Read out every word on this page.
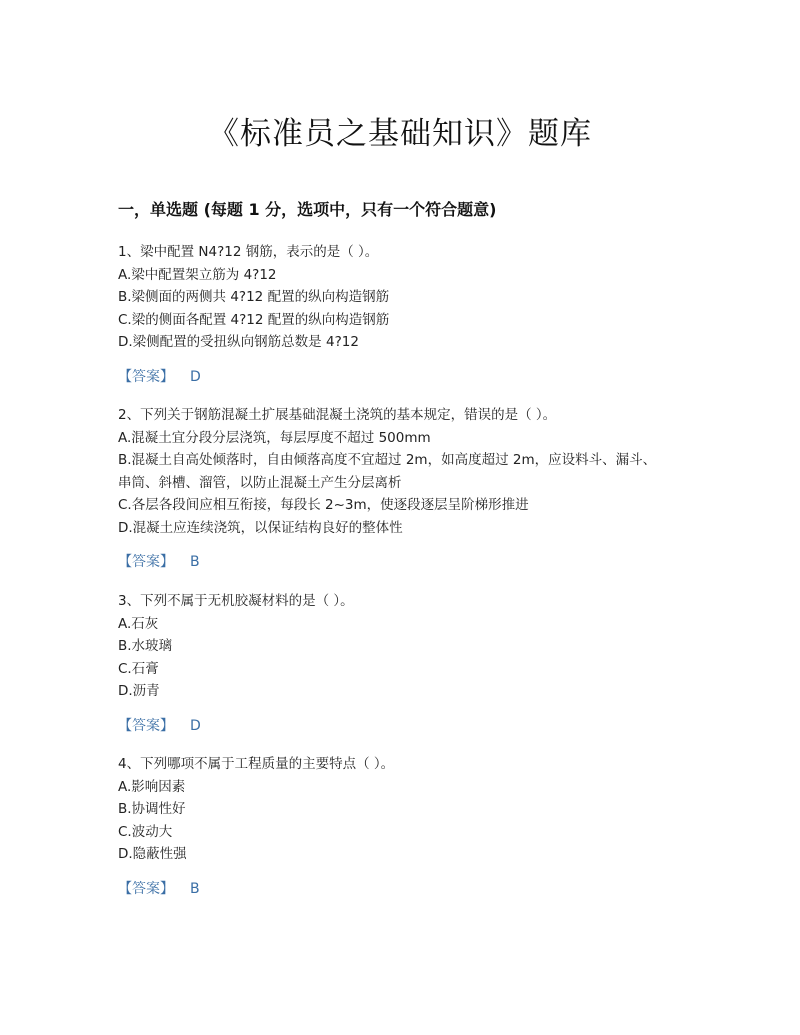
《标准员之基础知识》题库
一，单选题 (每题 1 分，选项中，只有一个符合题意)
1、梁中配置 N4?12 钢筋，表示的是（ ）。
A.梁中配置架立筋为 4?12
B.梁侧面的两侧共 4?12 配置的纵向构造钢筋
C.梁的侧面各配置 4?12 配置的纵向构造钢筋
D.梁侧配置的受扭纵向钢筋总数是 4?12
【答案】 D
2、下列关于钢筋混凝土扩展基础混凝土浇筑的基本规定，错误的是（ ）。
A.混凝土宜分段分层浇筑，每层厚度不超过 500mm
B.混凝土自高处倾落时，自由倾落高度不宜超过 2m，如高度超过 2m，应设料斗、漏斗、
串筒、斜槽、溜管，以防止混凝土产生分层离析
C.各层各段间应相互衔接，每段长 2~3m，使逐段逐层呈阶梯形推进
D.混凝土应连续浇筑，以保证结构良好的整体性
【答案】 B
3、下列不属于无机胶凝材料的是（ ）。
A.石灰
B.水玻璃
C.石膏
D.沥青
【答案】 D
4、下列哪项不属于工程质量的主要特点（ ）。
A.影响因素
B.协调性好
C.波动大
D.隐蔽性强
【答案】 B
